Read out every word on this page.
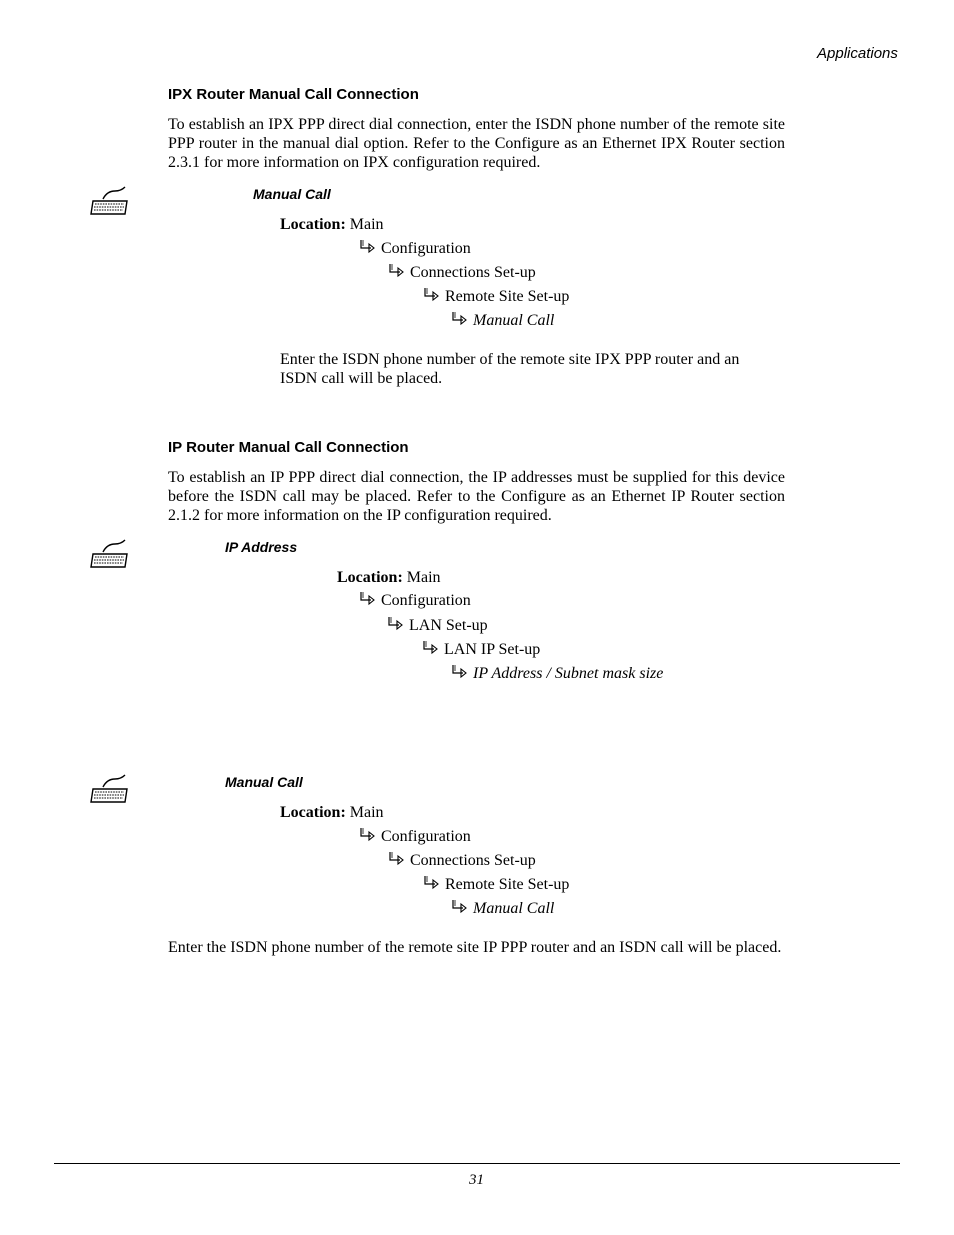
Applications
IPX Router Manual Call Connection
To establish an IPX PPP direct dial connection, enter the ISDN phone number of the remote site PPP router in the manual dial option. Refer to the Configure as an Ethernet IPX Router section 2.3.1 for more information on IPX configuration required.
Manual Call
Location: Main
Configuration
Connections Set-up
Remote Site Set-up
Manual Call
Enter the ISDN phone number of the remote site IPX PPP router and an ISDN call will be placed.
IP Router Manual Call Connection
To establish an IP PPP direct dial connection, the IP addresses must be supplied for this device before the ISDN call may be placed. Refer to the Configure as an Ethernet IP Router section 2.1.2 for more information on the IP configuration required.
IP Address
Location: Main
Configuration
LAN Set-up
LAN IP Set-up
IP Address / Subnet mask size
Manual Call
Location: Main
Configuration
Connections Set-up
Remote Site Set-up
Manual Call
Enter the ISDN phone number of the remote site IP PPP router and an ISDN call will be placed.
31
